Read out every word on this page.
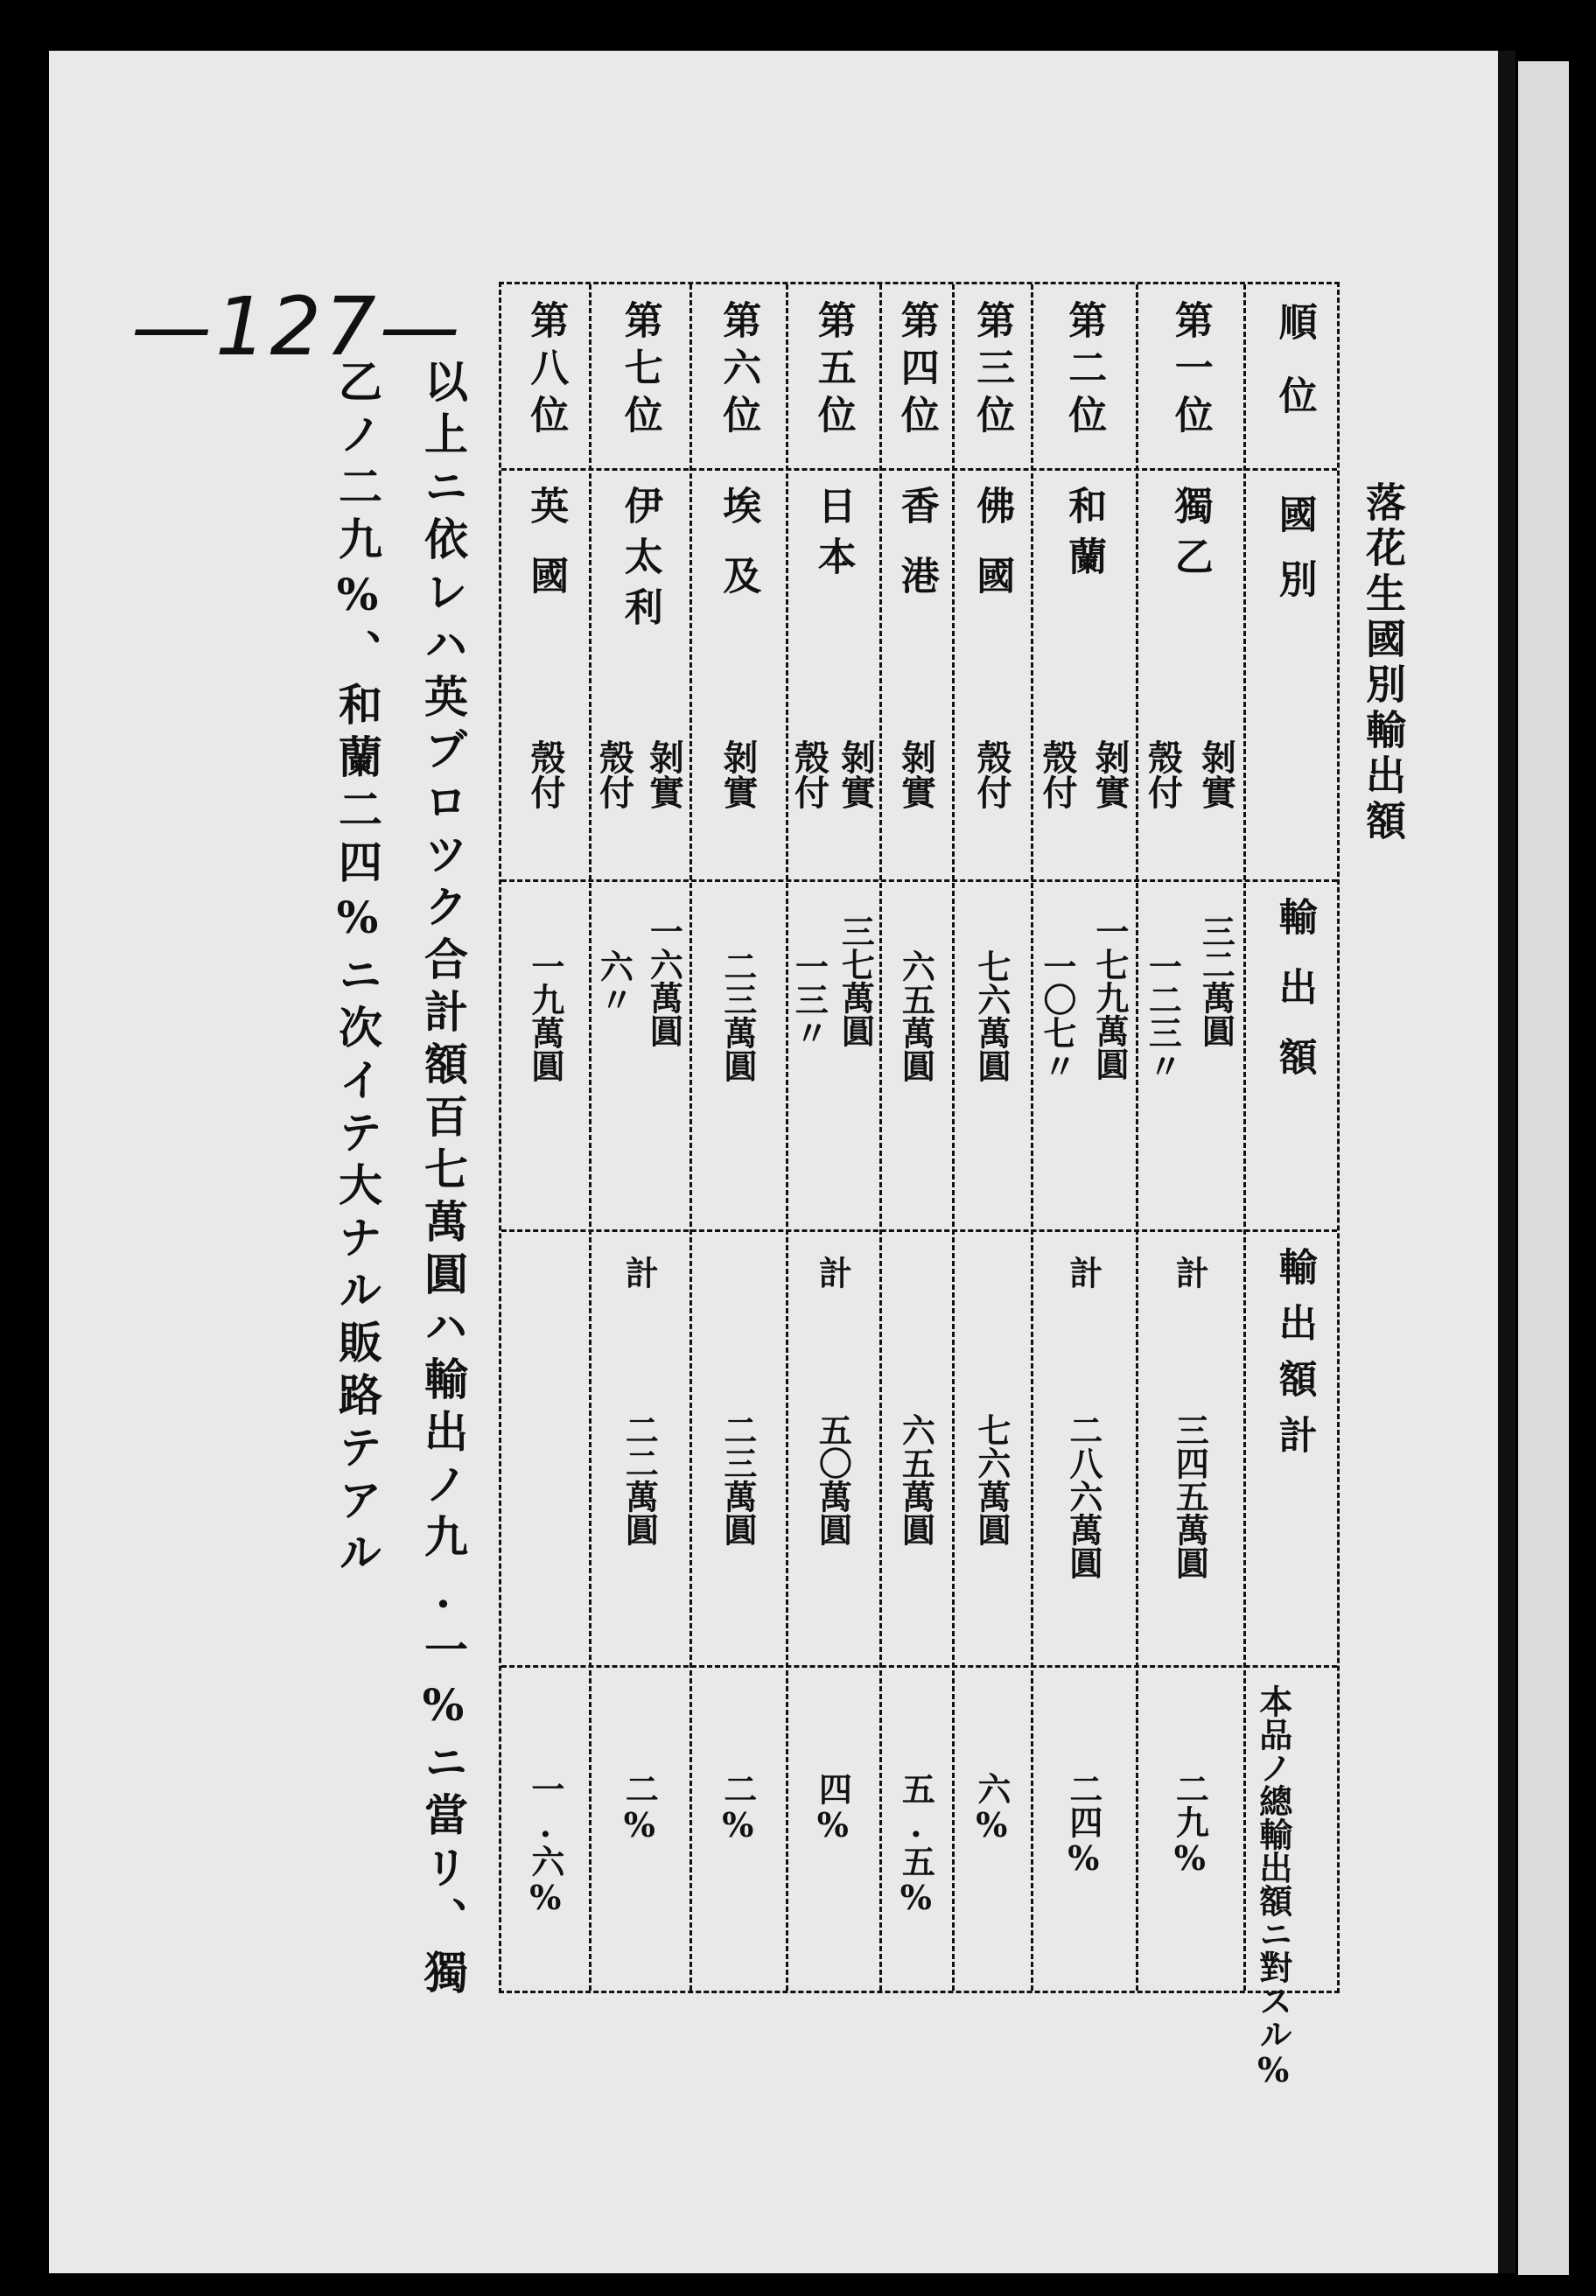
—127—
落花生國別輸出額
順位
國別
輸出額
輸出額計
本品ノ總輸出額ニ對スル%
第一位
獨乙
剝實
殼付
三二萬圓
一二三〃
計
三四五萬圓
二九%
第二位
和蘭
剝實
殼付
一七九萬圓
一〇七〃
計
二八六萬圓
二四%
第三位
佛國
殼付
七六萬圓
七六萬圓
六%
第四位
香港
剝實
六五萬圓
六五萬圓
五.五%
第五位
日本
剝實
殼付
三七萬圓
一三〃
計
五〇萬圓
四%
第六位
埃及
剝實
二三萬圓
二三萬圓
二%
第七位
伊太利
剝實
殼付
一六萬圓
六〃
計
二二萬圓
二%
第八位
英國
殼付
一九萬圓
一.六%
以上ニ依レハ英ブロツク合計額百七萬圓ハ輸出ノ九.一%ニ當リ、獨
乙ノ二九%、和蘭二四%ニ次イテ大ナル販路テアル
